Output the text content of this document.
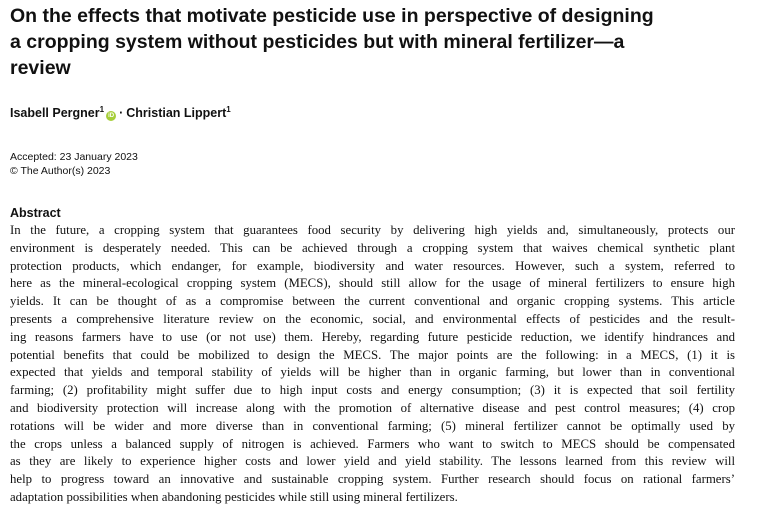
On the effects that motivate pesticide use in perspective of designing
a cropping system without pesticides but with mineral fertilizer—a
review
Isabell Pergner$^1$iD · Christian Lippert$^1$
Accepted: 23 January 2023
© The Author(s) 2023
Abstract
In the future, a cropping system that guarantees food security by delivering high yields and, simultaneously, protects our
environment is desperately needed. This can be achieved through a cropping system that waives chemical synthetic plant
protection products, which endanger, for example, biodiversity and water resources. However, such a system, referred to
here as the mineral-ecological cropping system (MECS), should still allow for the usage of mineral fertilizers to ensure high
yields. It can be thought of as a compromise between the current conventional and organic cropping systems. This article
presents a comprehensive literature review on the economic, social, and environmental effects of pesticides and the result-
ing reasons farmers have to use (or not use) them. Hereby, regarding future pesticide reduction, we identify hindrances and
potential benefits that could be mobilized to design the MECS. The major points are the following: in a MECS, (1) it is
expected that yields and temporal stability of yields will be higher than in organic farming, but lower than in conventional
farming; (2) profitability might suffer due to high input costs and energy consumption; (3) it is expected that soil fertility
and biodiversity protection will increase along with the promotion of alternative disease and pest control measures; (4) crop
rotations will be wider and more diverse than in conventional farming; (5) mineral fertilizer cannot be optimally used by
the crops unless a balanced supply of nitrogen is achieved. Farmers who want to switch to MECS should be compensated
as they are likely to experience higher costs and lower yield and yield stability. The lessons learned from this review will
help to progress toward an innovative and sustainable cropping system. Further research should focus on rational farmers’
adaptation possibilities when abandoning pesticides while still using mineral fertilizers.
